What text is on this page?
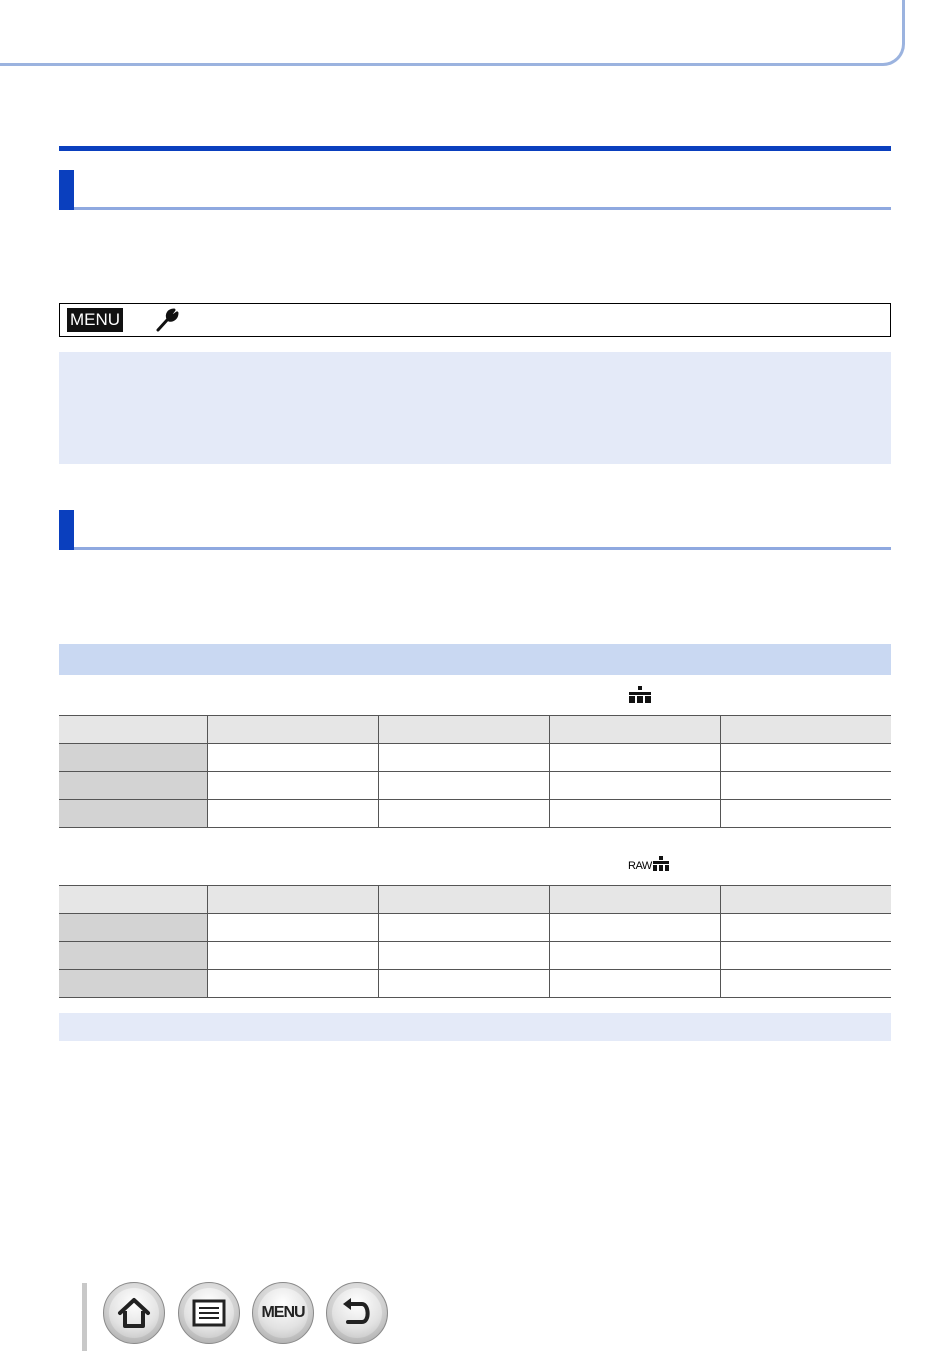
MENU

RAW

MENU
